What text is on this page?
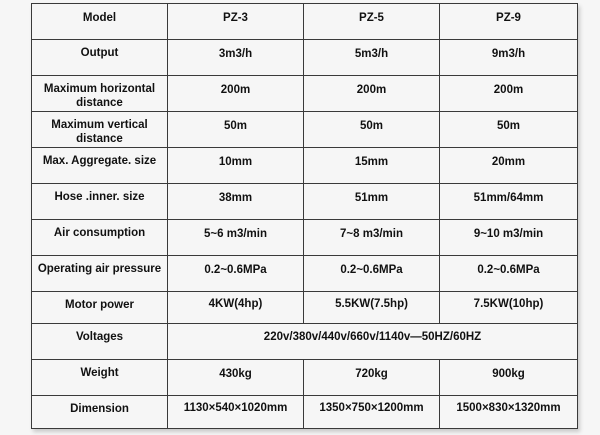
Model	PZ-3	PZ-5	PZ-9
Output	3m3/h	5m3/h	9m3/h
Maximum horizontal distance	200m	200m	200m
Maximum vertical distance	50m	50m	50m
Max. Aggregate. size	10mm	15mm	20mm
Hose .inner. size	38mm	51mm	51mm/64mm
Air consumption	5~6 m3/min	7~8 m3/min	9~10 m3/min
Operating air pressure	0.2~0.6MPa	0.2~0.6MPa	0.2~0.6MPa
Motor power	4KW(4hp)	5.5KW(7.5hp)	7.5KW(10hp)
Voltages	220v/380v/440v/660v/1140v—50HZ/60HZ		
Weight	430kg	720kg	900kg
Dimension	1130×540×1020mm	1350×750×1200mm	1500×830×1320mm
